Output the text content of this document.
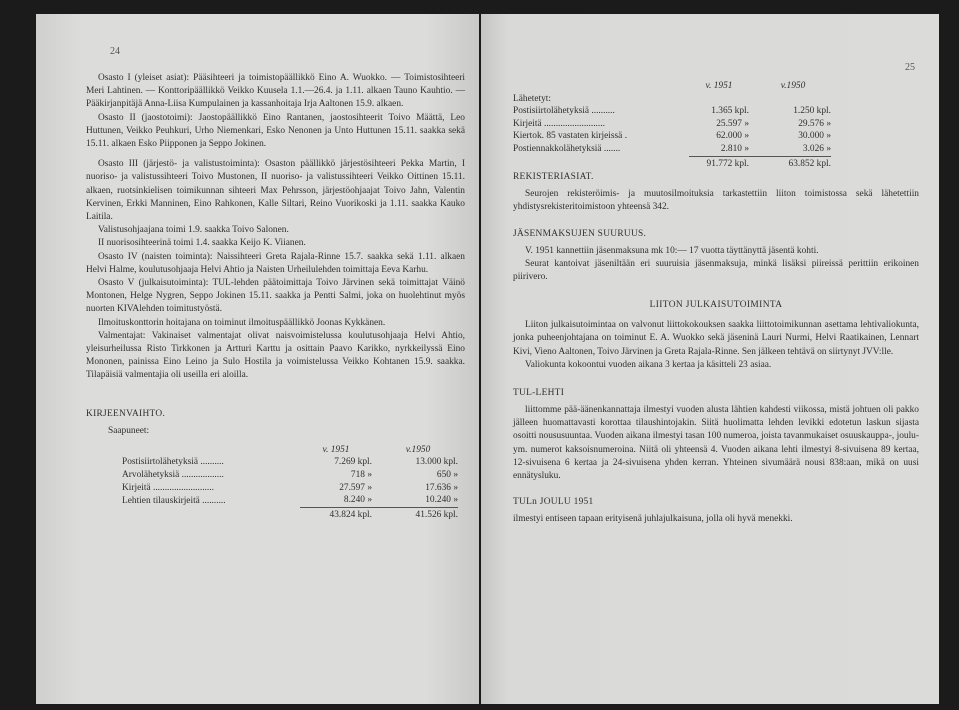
24

Osasto I (yleiset asiat): Pääsihteeri ja toimistopäällikkö Eino A. Wuokko. — Toimistosihteeri Meri Lahtinen. — Konttoripäällikkö Veikko Kuusela 1.1.—26.4. ja 1.11. alkaen Tauno Kauhtio. — Pääkirjanpitäjä Anna-Liisa Kumpulainen ja kassanhoitaja Irja Aaltonen 15.9. alkaen.

Osasto II (jaostotoimi): Jaostopäällikkö Eino Rantanen, jaostosihteerit Toivo Määttä, Leo Huttunen, Veikko Peuhkuri, Urho Niemenkari, Esko Nenonen ja Unto Huttunen 15.11. saakka sekä 15.11. alkaen Esko Piipponen ja Seppo Jokinen.

Osasto III (järjestö- ja valistustoiminta): Osaston päällikkö järjestösihteeri Pekka Martin, I nuoriso- ja valistussihteeri Toivo Mustonen, II nuoriso- ja valistussihteeri Veikko Oittinen 15.11. alkaen, ruotsinkielisen toimikunnan sihteeri Max Pehrsson, järjestöohjaajat Toivo Jahn, Valentin Kervinen, Erkki Manninen, Eino Rahkonen, Kalle Siltari, Reino Vuorikoski ja 1.11. saakka Kauko Laitila.

Valistusohjaajana toimi 1.9. saakka Toivo Salonen.

II nuorisosihteerinä toimi 1.4. saakka Keijo K. Viianen.

Osasto IV (naisten toiminta): Naissihteeri Greta Rajala-Rinne 15.7. saakka sekä 1.11. alkaen Helvi Halme, koulutusohjaaja Helvi Ahtio ja Naisten Urheilulehden toimittaja Eeva Karhu.

Osasto V (julkaisutoiminta): TUL-lehden päätoimittaja Toivo Järvinen sekä toimittajat Väinö Montonen, Helge Nygren, Seppo Jokinen 15.11. saakka ja Pentti Salmi, joka on huolehtinut myös nuorten KIVAlehden toimitustyöstä.

Ilmoituskonttorin hoitajana on toiminut ilmoituspäällikkö Joonas Kykkänen.

Valmentajat: Vakinaiset valmentajat olivat naisvoimistelussa koulutusohjaaja Helvi Ahtio, yleisurheilussa Risto Tirkkonen ja Artturi Karttu ja osittain Paavo Karikko, nyrkkeilyssä Eino Mononen, painissa Eino Leino ja Sulo Hostila ja voimistelussa Veikko Kohtanen 15.9. saakka. Tilapäisiä valmentajia oli useilla eri aloilla.

KIRJEENVAIHTO.

Saapuneet:

	v. 1951	v.1950
Postisiirtolähetyksiä ..........	7.269 kpl.	13.000 kpl.
Arvolähetyksiä ..................	718 »	650 »
Kirjeitä ..........................	27.597 »	17.636 »
Lehtien tilauskirjeitä ..........	8.240 »	10.240 »
	43.824 kpl.	41.526 kpl.
25
	v. 1951	v.1950
Lähetetyt:		
Postisiirtolähetyksiä ..........	1.365 kpl.	1.250 kpl.
Kirjeitä ..........................	25.597 »	29.576 »
Kiertok. 85 vastaten kirjeissä .	62.000 »	30.000 »
Postiennakkolähetyksiä .......	2.810 »	3.026 »
	91.772 kpl.	63.852 kpl.
REKISTERIASIAT.

Seurojen rekisteröimis- ja muutosilmoituksia tarkastettiin liiton toimistossa sekä lähetettiin yhdistysrekisteritoimistoon yhteensä 342.

JÄSENMAKSUJEN SUURUUS.

V. 1951 kannettiin jäsenmaksuna mk 10:— 17 vuotta täyttänyttä jäsentä kohti.

Seurat kantoivat jäseniltään eri suuruisia jäsenmaksuja, minkä lisäksi piireissä perittiin erikoinen piirivero.

LIITON JULKAISUTOIMINTA

Liiton julkaisutoimintaa on valvonut liittokokouksen saakka liittotoimikunnan asettama lehtivaliokunta, jonka puheenjohtajana on toiminut E. A. Wuokko sekä jäseninä Lauri Nurmi, Helvi Raatikainen, Lennart Kivi, Vieno Aaltonen, Toivo Järvinen ja Greta Rajala-Rinne. Sen jälkeen tehtävä on siirtynyt JVV:lle.

Valiokunta kokoontui vuoden aikana 3 kertaa ja käsitteli 23 asiaa.

TUL-LEHTI

liittomme pää-äänenkannattaja ilmestyi vuoden alusta lähtien kahdesti viikossa, mistä johtuen oli pakko jälleen huomattavasti korottaa tilaushintojakin. Siitä huolimatta lehden levikki edotetun laskun sijasta osoitti noususuuntaa. Vuoden aikana ilmestyi tasan 100 numeroa, joista tavanmukaiset osuuskauppa-, joulu- ym. numerot kaksoisnumeroina. Niitä oli yhteensä 4. Vuoden aikana lehti ilmestyi 8-sivuisena 89 kertaa, 12-sivuisena 6 kertaa ja 24-sivuisena yhden kerran. Yhteinen sivumäärä nousi 838:aan, mikä on uusi ennätysluku.

TULn JOULU 1951

ilmestyi entiseen tapaan erityisenä juhlajulkaisuna, jolla oli hyvä menekki.
